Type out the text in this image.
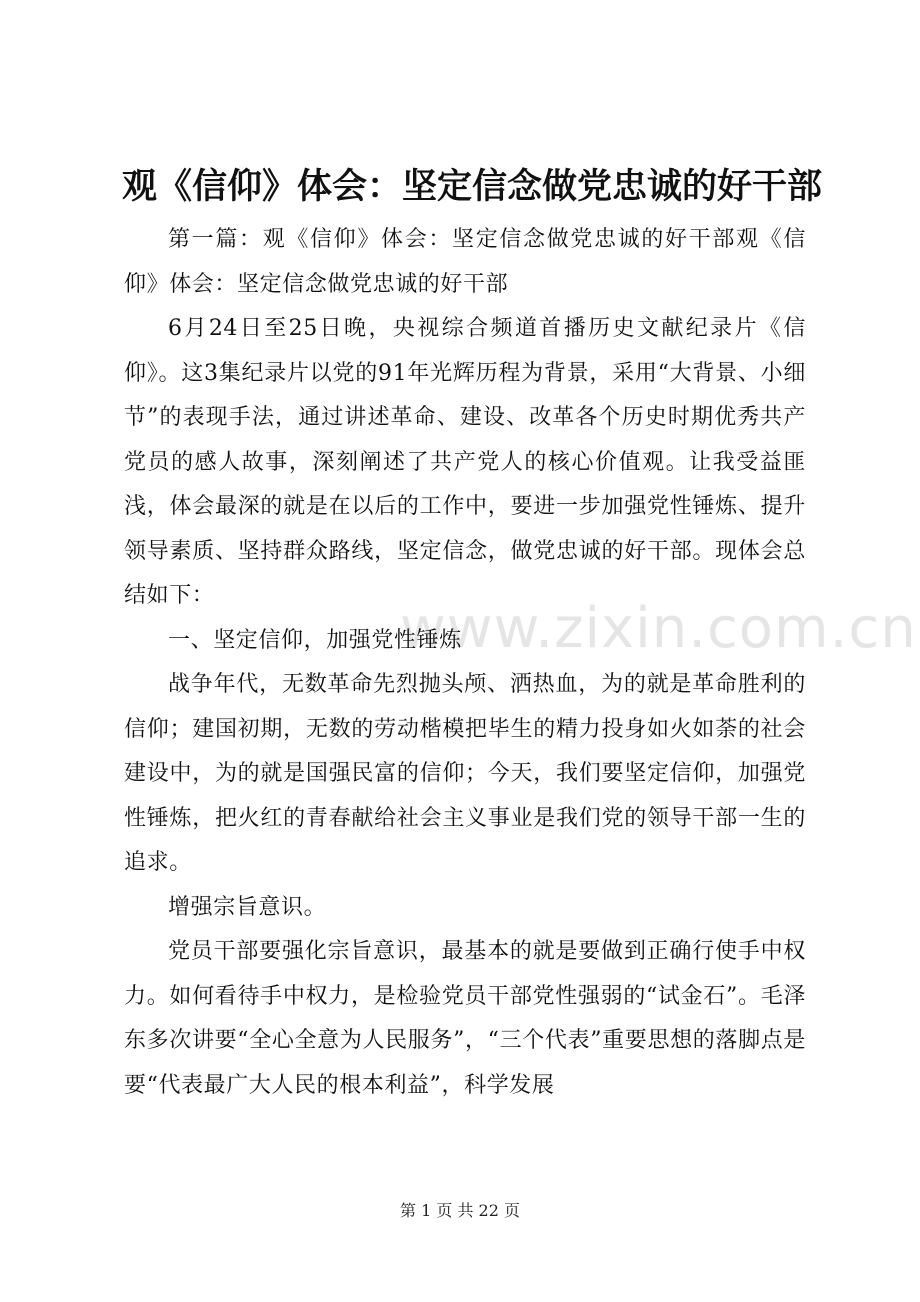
www.zixin.com.cn
观《信仰》体会：坚定信念做党忠诚的好干部

第一篇：观《信仰》体会：坚定信念做党忠诚的好干部观《信仰》体会：坚定信念做党忠诚的好干部

6月24日至25日晚，央视综合频道首播历史文献纪录片《信仰》。这3集纪录片以党的91年光辉历程为背景，采用“大背景、小细节”的表现手法，通过讲述革命、建设、改革各个历史时期优秀共产党员的感人故事，深刻阐述了共产党人的核心价值观。让我受益匪浅，体会最深的就是在以后的工作中，要进一步加强党性锤炼、提升领导素质、坚持群众路线，坚定信念，做党忠诚的好干部。现体会总结如下：

一、坚定信仰，加强党性锤炼

战争年代，无数革命先烈抛头颅、洒热血，为的就是革命胜利的信仰；建国初期，无数的劳动楷模把毕生的精力投身如火如荼的社会建设中，为的就是国强民富的信仰；今天，我们要坚定信仰，加强党性锤炼，把火红的青春献给社会主义事业是我们党的领导干部一生的追求。

增强宗旨意识。

党员干部要强化宗旨意识，最基本的就是要做到正确行使手中权力。如何看待手中权力，是检验党员干部党性强弱的“试金石”。毛泽东多次讲要“全心全意为人民服务”，“三个代表”重要思想的落脚点是要“代表最广大人民的根本利益”，科学发展

第 1 页 共 22 页
